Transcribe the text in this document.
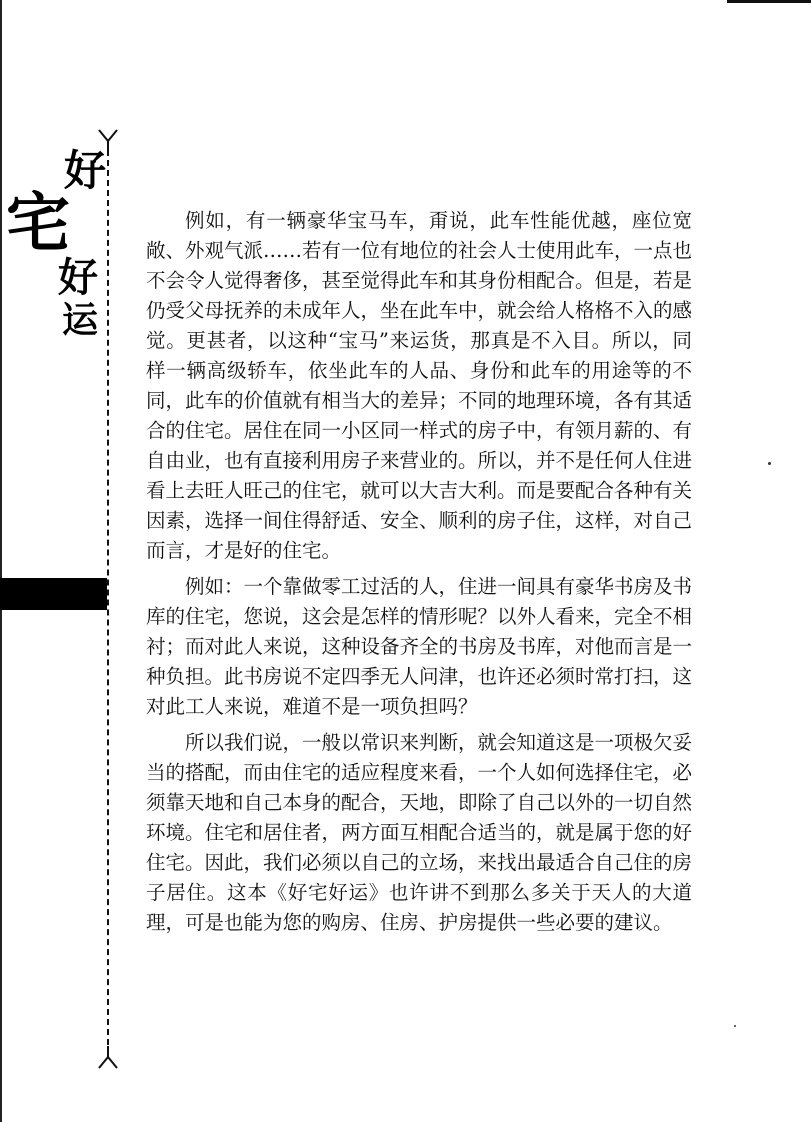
好
宅
好
运

例如，有一辆豪华宝马车，甭说，此车性能优越，座位宽敞、外观气派……若有一位有地位的社会人士使用此车，一点也不会令人觉得奢侈，甚至觉得此车和其身份相配合。但是，若是仍受父母抚养的未成年人，坐在此车中，就会给人格格不入的感觉。更甚者，以这种“宝马”来运货，那真是不入目。所以，同样一辆高级轿车，依坐此车的人品、身份和此车的用途等的不同，此车的价值就有相当大的差异；不同的地理环境，各有其适合的住宅。居住在同一小区同一样式的房子中，有领月薪的、有自由业，也有直接利用房子来营业的。所以，并不是任何人住进看上去旺人旺己的住宅，就可以大吉大利。而是要配合各种有关因素，选择一间住得舒适、安全、顺利的房子住，这样，对自己而言，才是好的住宅。

例如：一个靠做零工过活的人，住进一间具有豪华书房及书库的住宅，您说，这会是怎样的情形呢？以外人看来，完全不相衬；而对此人来说，这种设备齐全的书房及书库，对他而言是一种负担。此书房说不定四季无人问津，也许还必须时常打扫，这对此工人来说，难道不是一项负担吗？

所以我们说，一般以常识来判断，就会知道这是一项极欠妥当的搭配，而由住宅的适应程度来看，一个人如何选择住宅，必须靠天地和自己本身的配合，天地，即除了自己以外的一切自然环境。住宅和居住者，两方面互相配合适当的，就是属于您的好住宅。因此，我们必须以自己的立场，来找出最适合自己住的房子居住。这本《好宅好运》也许讲不到那么多关于天人的大道理，可是也能为您的购房、住房、护房提供一些必要的建议。
